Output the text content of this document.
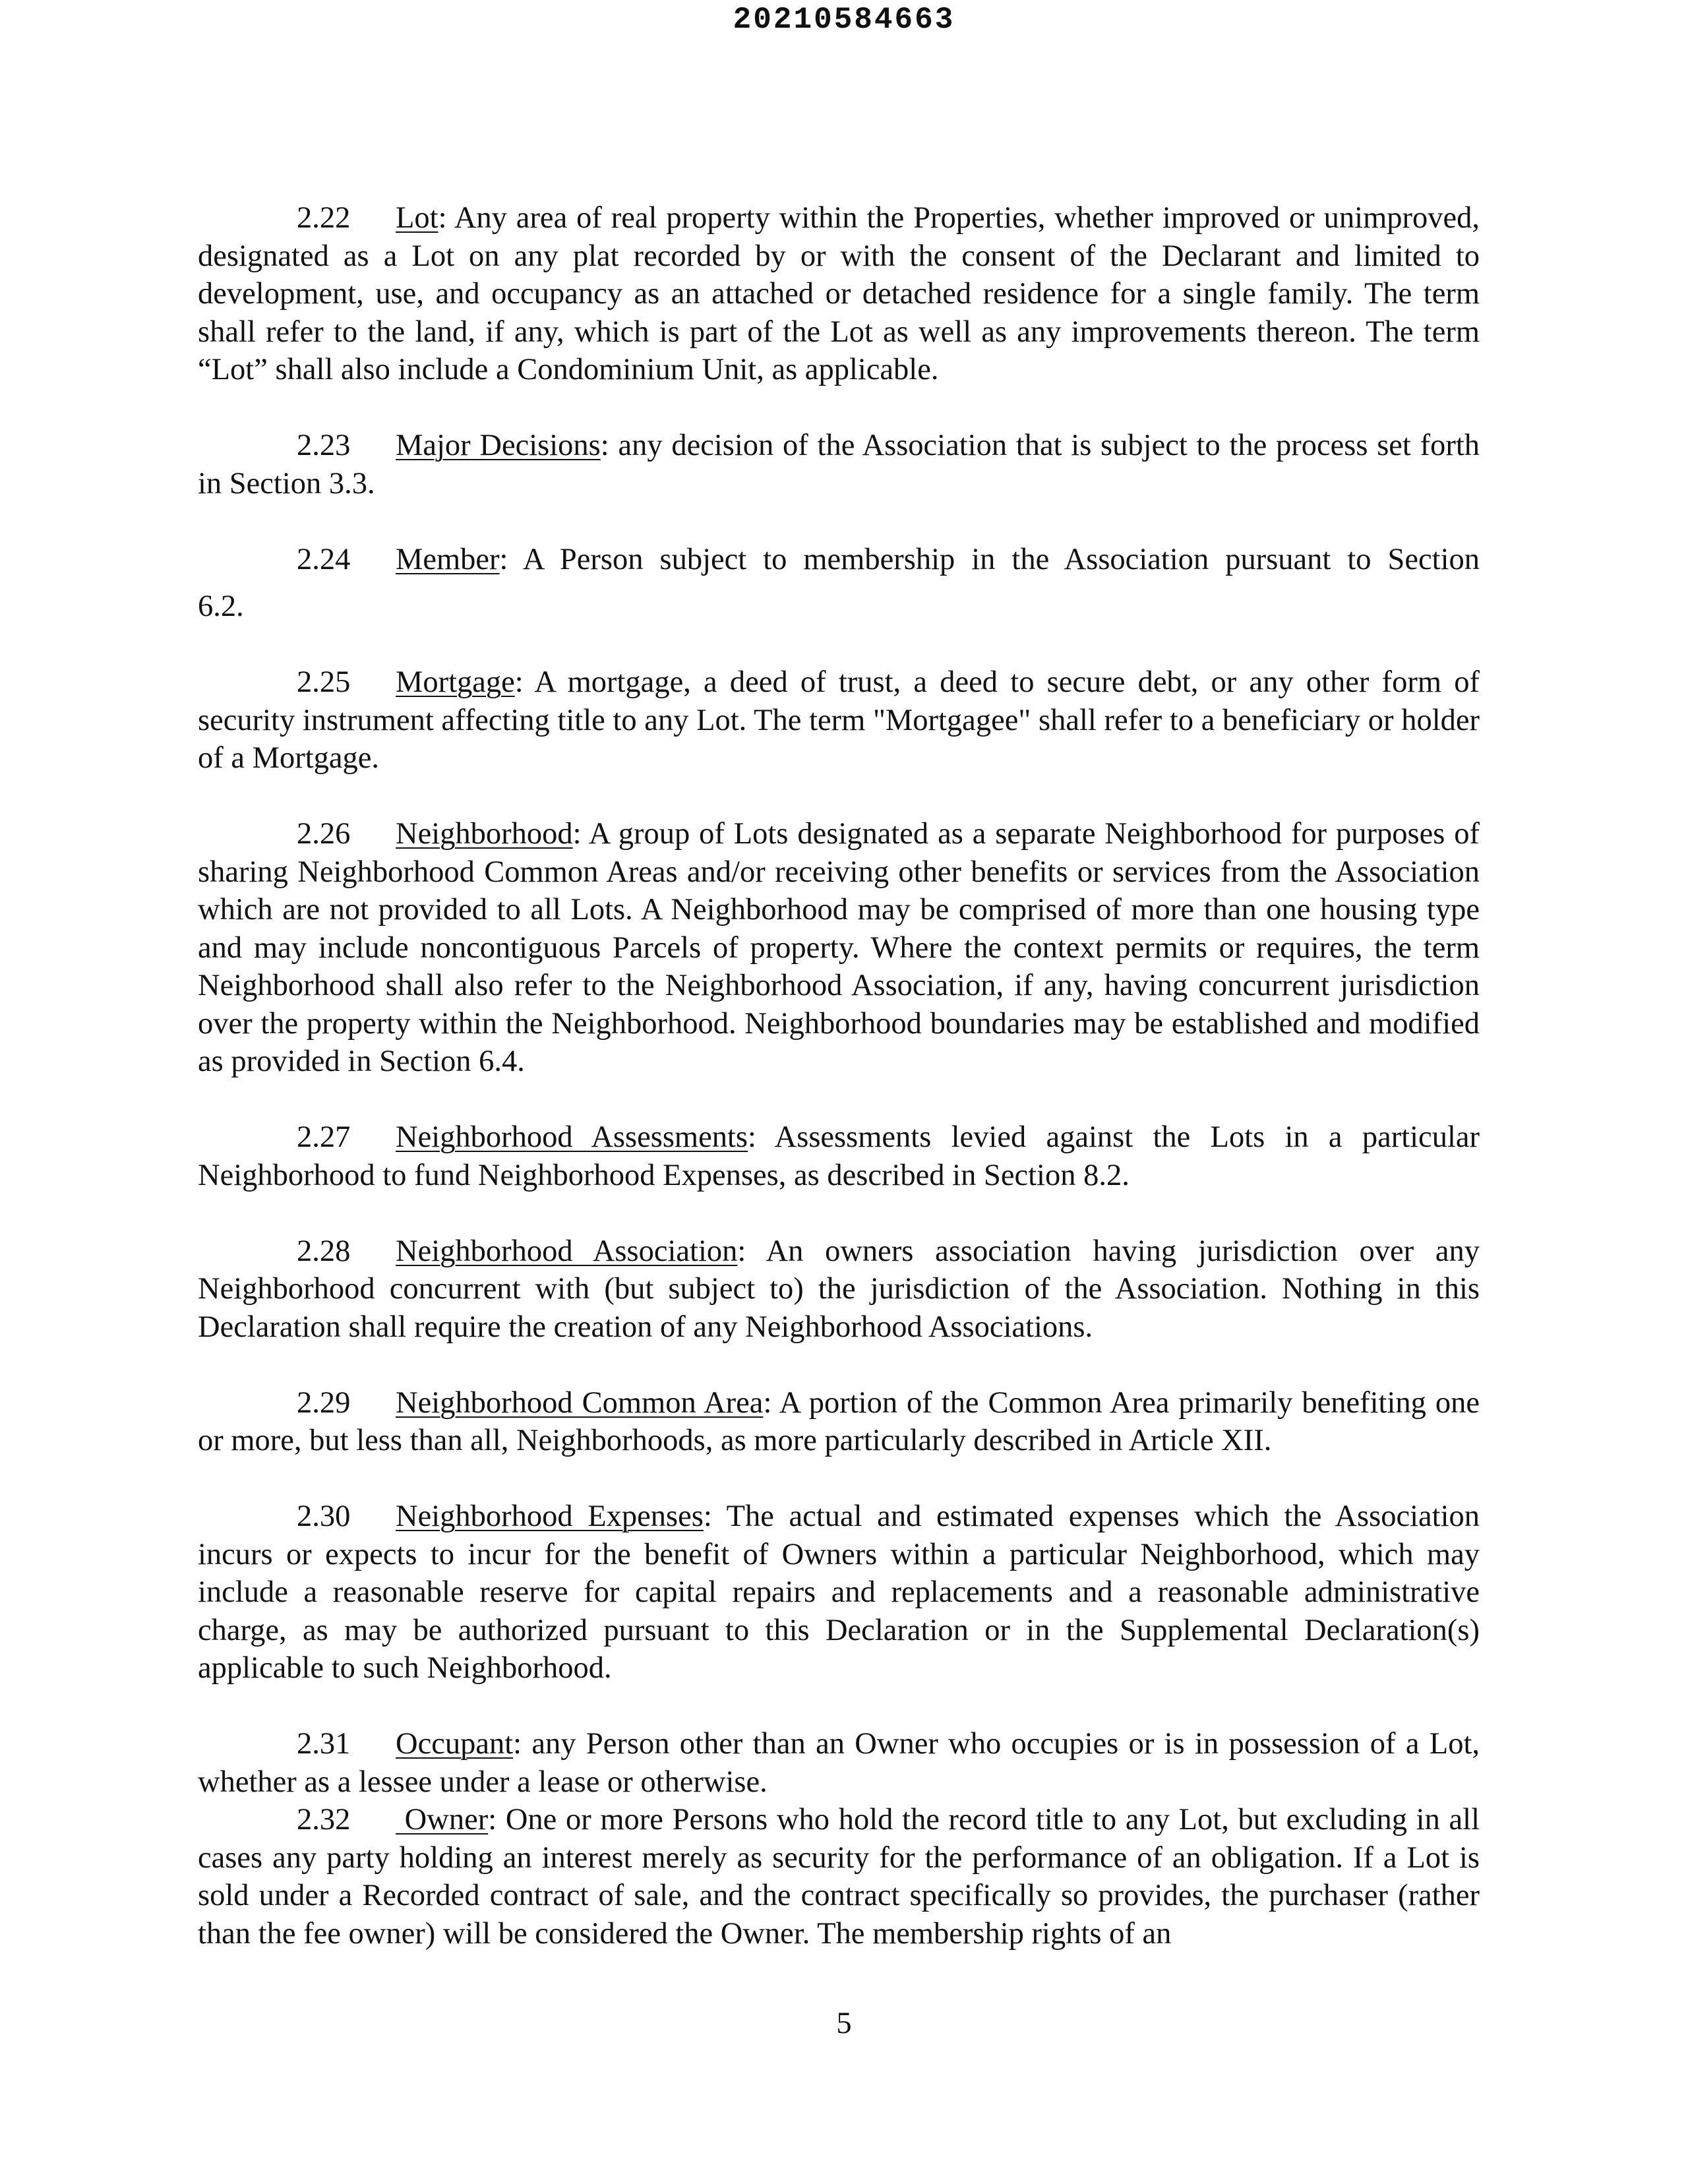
20210584663

2.22 Lot: Any area of real property within the Properties, whether improved or unimproved, designated as a Lot on any plat recorded by or with the consent of the Declarant and limited to development, use, and occupancy as an attached or detached residence for a single family. The term shall refer to the land, if any, which is part of the Lot as well as any improvements thereon. The term “Lot” shall also include a Condominium Unit, as applicable.

2.23 Major Decisions: any decision of the Association that is subject to the process set forth in Section 3.3.

2.24 Member: A Person subject to membership in the Association pursuant to Section
6.2.

2.25 Mortgage: A mortgage, a deed of trust, a deed to secure debt, or any other form of security instrument affecting title to any Lot. The term "Mortgagee" shall refer to a beneficiary or holder of a Mortgage.

2.26 Neighborhood: A group of Lots designated as a separate Neighborhood for purposes of sharing Neighborhood Common Areas and/or receiving other benefits or services from the Association which are not provided to all Lots. A Neighborhood may be comprised of more than one housing type and may include noncontiguous Parcels of property. Where the context permits or requires, the term Neighborhood shall also refer to the Neighborhood Association, if any, having concurrent jurisdiction over the property within the Neighborhood. Neighborhood boundaries may be established and modified as provided in Section 6.4.

2.27 Neighborhood Assessments: Assessments levied against the Lots in a particular Neighborhood to fund Neighborhood Expenses, as described in Section 8.2.

2.28 Neighborhood Association: An owners association having jurisdiction over any Neighborhood concurrent with (but subject to) the jurisdiction of the Association. Nothing in this Declaration shall require the creation of any Neighborhood Associations.

2.29 Neighborhood Common Area: A portion of the Common Area primarily benefiting one or more, but less than all, Neighborhoods, as more particularly described in Article XII.

2.30 Neighborhood Expenses: The actual and estimated expenses which the Association incurs or expects to incur for the benefit of Owners within a particular Neighborhood, which may include a reasonable reserve for capital repairs and replacements and a reasonable administrative charge, as may be authorized pursuant to this Declaration or in the Supplemental Declaration(s) applicable to such Neighborhood.

2.31 Occupant: any Person other than an Owner who occupies or is in possession of a Lot, whether as a lessee under a lease or otherwise.

2.32 Owner: One or more Persons who hold the record title to any Lot, but excluding in all cases any party holding an interest merely as security for the performance of an obligation. If a Lot is sold under a Recorded contract of sale, and the contract specifically so provides, the purchaser (rather than the fee owner) will be considered the Owner. The membership rights of an

5
